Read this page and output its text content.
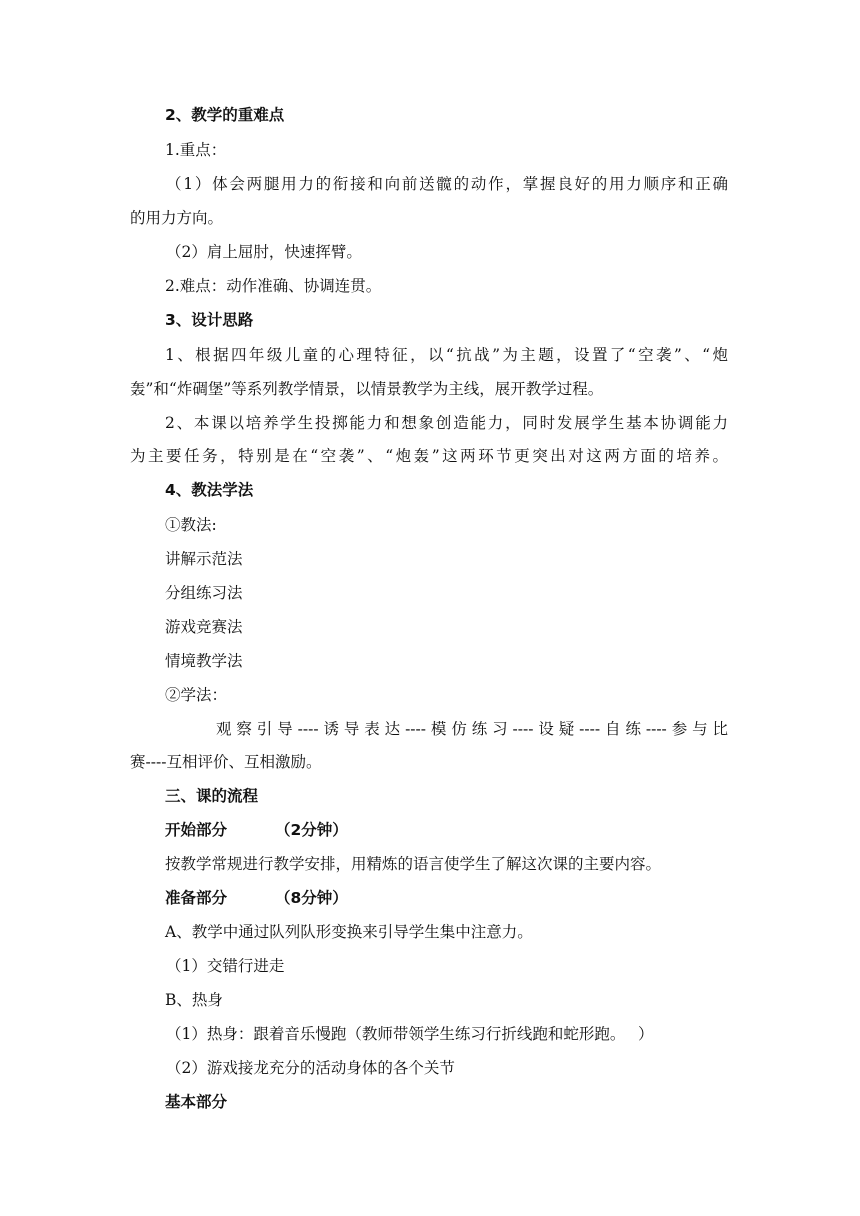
2、教学的重难点
1.重点：
（1）体会两腿用力的衔接和向前送髋的动作，掌握良好的用力顺序和正确
的用力方向。
（2）肩上屈肘，快速挥臂。
2.难点：动作准确、协调连贯。
3、设计思路
1、根据四年级儿童的心理特征，以“抗战”为主题，设置了“空袭”、“炮
轰”和“炸碉堡”等系列教学情景，以情景教学为主线，展开教学过程。
2、本课以培养学生投掷能力和想象创造能力，同时发展学生基本协调能力
为主要任务，特别是在“空袭”、“炮轰”这两环节更突出对这两方面的培养。
4、教法学法
①教法:
讲解示范法
分组练习法
游戏竞赛法
情境教学法
②学法：
观察引导----诱导表达----模仿练习----设疑----自练----参与比
赛----互相评价、互相激励。
三、课的流程
开始部分	（2分钟）
按教学常规进行教学安排，用精炼的语言使学生了解这次课的主要内容。
准备部分	（8分钟）
A、教学中通过队列队形变换来引导学生集中注意力。
（1）交错行进走
B、热身
（1）热身：跟着音乐慢跑（教师带领学生练习行折线跑和蛇形跑。　 ）
（2）游戏接龙充分的活动身体的各个关节
基本部分
